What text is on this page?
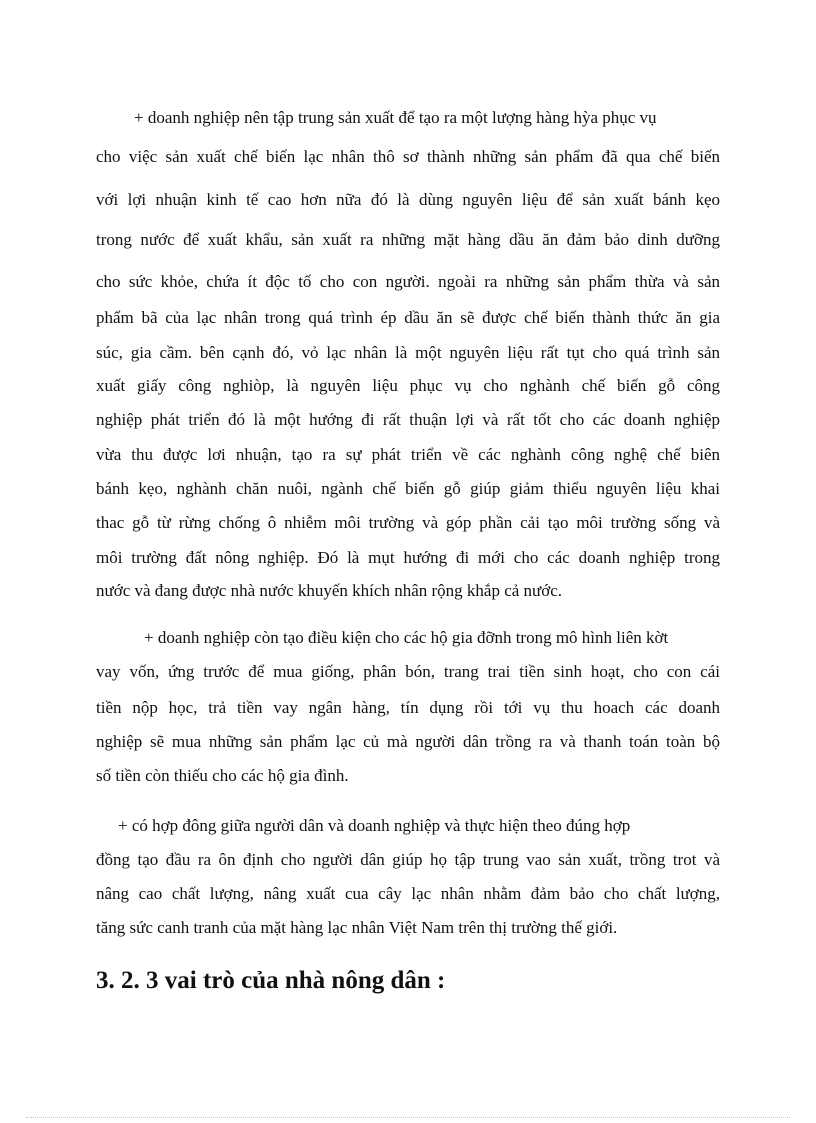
+ doanh nghiệp nên tập trung sản xuất để tạo ra một lượng hàng hỳa phục vụ

cho việc sản xuất chế biến lạc nhân thô sơ thành những sản phẩm đã qua chế biến

với lợi nhuận kinh tế cao hơn nữa đó là dùng nguyên liệu để sản xuất bánh kẹo

trong nước để xuất khẩu, sản xuất ra những mặt hàng dầu ăn đảm bảo dinh dưỡng

cho sức khỏe, chứa ít độc tố cho con người. ngoài ra những sản phẩm thừa và sản

phẩm bã của lạc nhân trong quá trình ép dầu ăn sẽ được chế biến thành thức ăn gia

súc, gia cầm. bên cạnh đó, vỏ lạc nhân là một nguyên liệu rất tụt cho quá trình sản

xuất giấy công nghiòp, là nguyên liệu phục vụ cho nghành chế biến gỗ công

nghiệp phát triển đó là một hướng đi rất thuận lợi và rất tốt cho các doanh nghiệp

vừa thu được lơi nhuận, tạo ra sự phát triển về các nghành công nghệ chế biên

bánh kẹo, nghành chăn nuôi, ngành chế biến gỗ giúp giảm thiểu nguyên liệu khai

thac gỗ từ rừng chống ô nhiễm môi trường và góp phần cải tạo môi trường sống và

môi trường đất nông nghiệp. Đó là mụt hướng đi mới cho các doanh nghiệp trong

nước và đang được nhà nước khuyến khích nhân rộng khắp cả nước.

+ doanh nghiệp còn tạo điều kiện cho các hộ gia đỡnh trong mô hình liên kờt

vay vốn, ứng trước để mua giống, phân bón, trang trai tiền sinh hoạt, cho con cái

tiền nộp học, trả tiền vay ngân hàng, tín dụng rồi tới vụ thu hoach các doanh

nghiệp sẽ mua những sản phẩm lạc củ mà người dân trồng ra và thanh toán toàn bộ

số tiền còn thiếu cho các hộ gia đình.

+ có hợp đông giữa người dân và doanh nghiệp và thực hiện theo đúng hợp

đồng tạo đầu ra ôn định cho người dân giúp họ tập trung vao sản xuất, trồng trot và

nâng cao chất lượng, nâng xuất cua cây lạc nhân nhằm đảm bảo cho chất lượng,

tăng sức canh tranh của mặt hàng lạc nhân Việt Nam trên thị trường thế giới.

3. 2. 3 vai trò của nhà nông dân :
